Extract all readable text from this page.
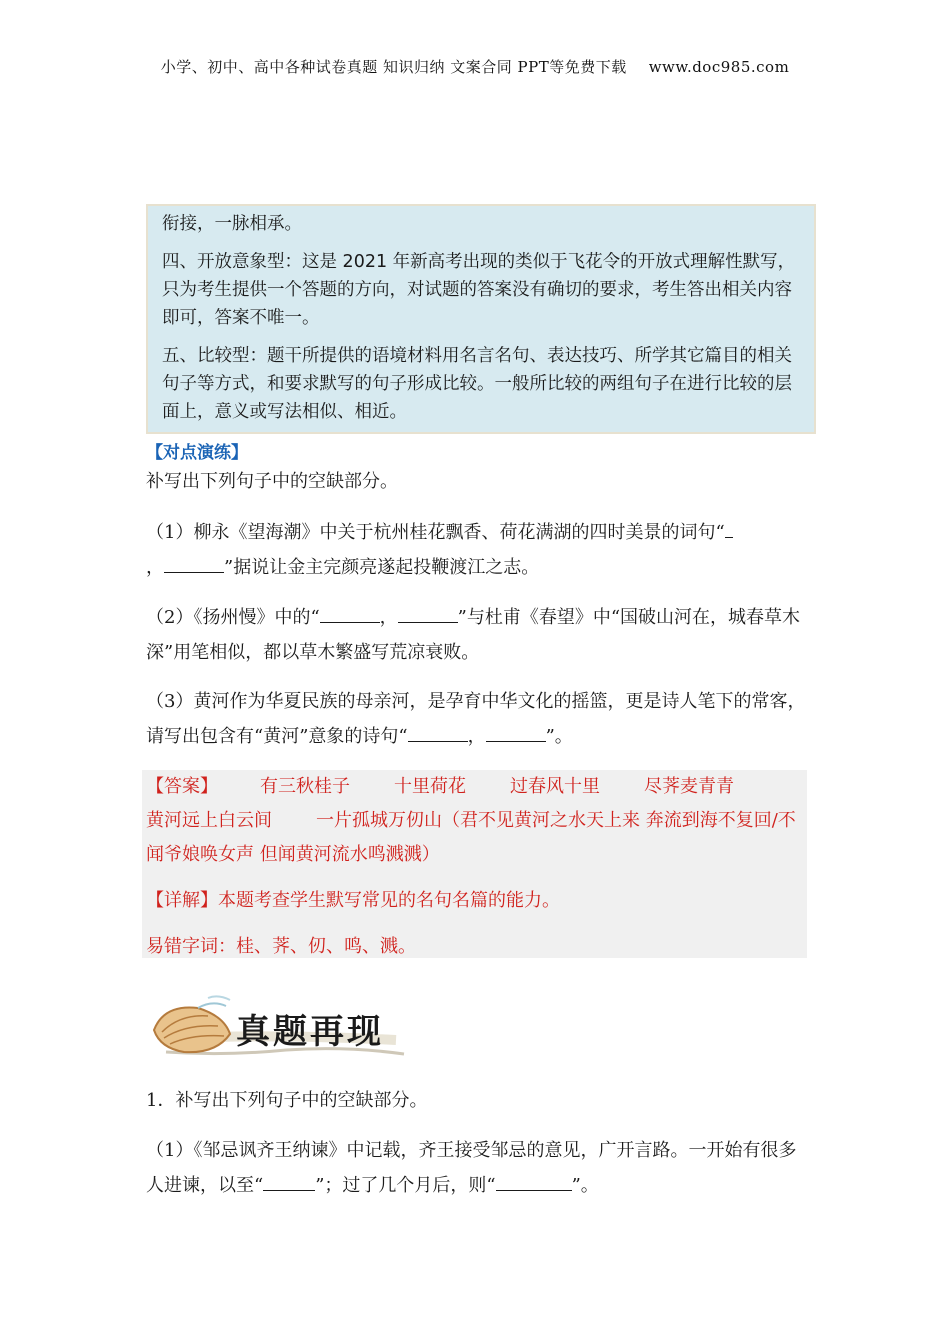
小学、初中、高中各种试卷真题 知识归纳 文案合同 PPT等免费下载 www.doc985.com

衔接，一脉相承。

四、开放意象型：这是 2021 年新高考出现的类似于飞花令的开放式理解性默写，只为考生提供一个答题的方向，对试题的答案没有确切的要求，考生答出相关内容即可，答案不唯一。

五、比较型：题干所提供的语境材料用名言名句、表达技巧、所学其它篇目的相关句子等方式，和要求默写的句子形成比较。一般所比较的两组句子在进行比较的层面上，意义或写法相似、相近。

【对点演练】
补写出下列句子中的空缺部分。
（1）柳永《望海潮》中关于杭州桂花飘香、荷花满湖的四时美景的词句“
，	”据说让金主完颜亮遂起投鞭渡江之志。
（2）《扬州慢》中的“	，	”与杜甫《春望》中“国破山河在，城春草木深”用笔相似，都以草木繁盛写荒凉衰败。
（3）黄河作为华夏民族的母亲河，是孕育中华文化的摇篮，更是诗人笔下的常客，请写出包含有“黄河”意象的诗句“	，	”。

【答案】 有三秋桂子 十里荷花 过春风十里 尽荠麦青青

黄河远上白云间 一片孤城万仞山（君不见黄河之水天上来 奔流到海不复回/不闻爷娘唤女声 但闻黄河流水鸣溅溅）

【详解】本题考查学生默写常见的名句名篇的能力。

易错字词：桂、荠、仞、鸣、溅。

真题再现
1．补写出下列句子中的空缺部分。
（1）《邹忌讽齐王纳谏》中记载，齐王接受邹忌的意见，广开言路。一开始有很多人进谏，以至“	”；过了几个月后，则“	”。
